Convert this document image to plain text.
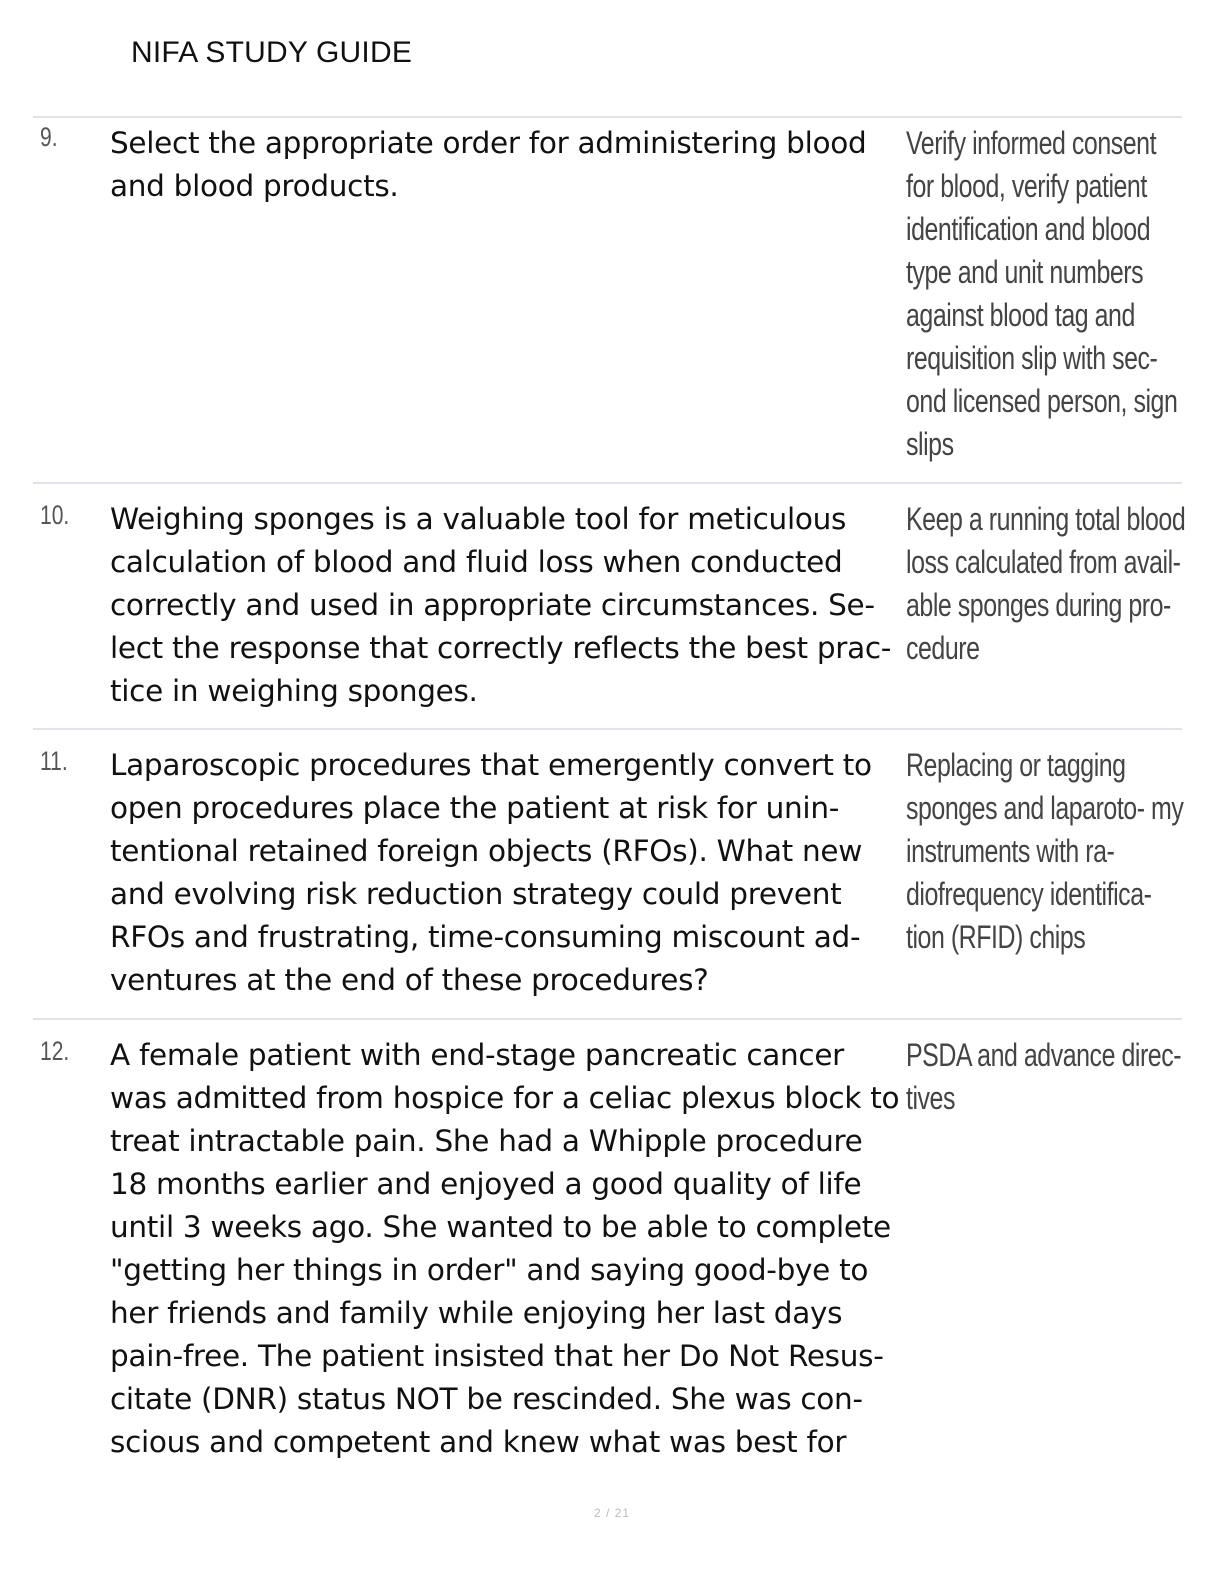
NIFA STUDY GUIDE
9. Select the appropriate order for administering blood and blood products.
Verify informed consent for blood, verify patient identification and blood type and unit numbers against blood tag and requisition slip with sec- ond licensed person, sign slips
10. Weighing sponges is a valuable tool for meticulous calculation of blood and fluid loss when conducted correctly and used in appropriate circumstances. Se- lect the response that correctly reflects the best prac- tice in weighing sponges.
Keep a running total blood loss calculated from avail- able sponges during pro- cedure
11. Laparoscopic procedures that emergently convert to open procedures place the patient at risk for unin- tentional retained foreign objects (RFOs). What new and evolving risk reduction strategy could prevent RFOs and frustrating, time-consuming miscount ad- ventures at the end of these procedures?
Replacing or tagging sponges and laparoto- my instruments with ra- diofrequency identifica- tion (RFID) chips
12. A female patient with end-stage pancreatic cancer was admitted from hospice for a celiac plexus block to treat intractable pain. She had a Whipple procedure 18 months earlier and enjoyed a good quality of life until 3 weeks ago. She wanted to be able to complete "getting her things in order" and saying good-bye to her friends and family while enjoying her last days pain-free. The patient insisted that her Do Not Resus- citate (DNR) status NOT be rescinded. She was con- scious and competent and knew what was best for
PSDA and advance direc- tives
2 / 21
